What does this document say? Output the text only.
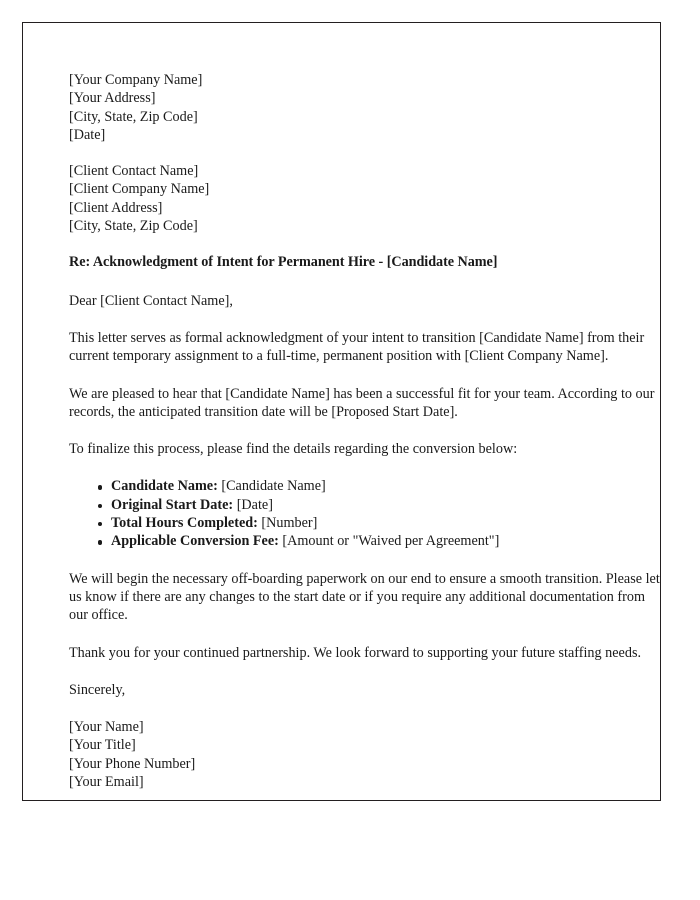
[Your Company Name]
[Your Address]
[City, State, Zip Code]
[Date]
[Client Contact Name]
[Client Company Name]
[Client Address]
[City, State, Zip Code]
Re: Acknowledgment of Intent for Permanent Hire - [Candidate Name]
Dear [Client Contact Name],
This letter serves as formal acknowledgment of your intent to transition [Candidate Name] from their current temporary assignment to a full-time, permanent position with [Client Company Name].
We are pleased to hear that [Candidate Name] has been a successful fit for your team. According to our records, the anticipated transition date will be [Proposed Start Date].
To finalize this process, please find the details regarding the conversion below:
Candidate Name: [Candidate Name]
Original Start Date: [Date]
Total Hours Completed: [Number]
Applicable Conversion Fee: [Amount or "Waived per Agreement"]
We will begin the necessary off-boarding paperwork on our end to ensure a smooth transition. Please let us know if there are any changes to the start date or if you require any additional documentation from our office.
Thank you for your continued partnership. We look forward to supporting your future staffing needs.
Sincerely,
[Your Name]
[Your Title]
[Your Phone Number]
[Your Email]
